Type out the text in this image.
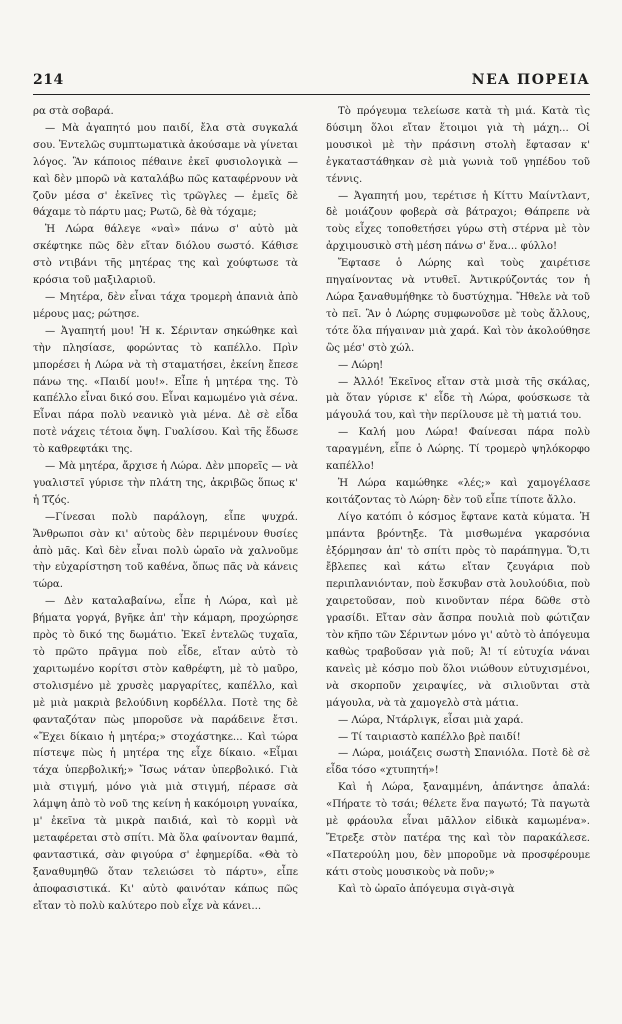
214	ΝΕΑ ΠΟΡΕΙΑ

ρα στὰ σοβαρά.

— Μὰ ἀγαπητό μου παιδί, ἔλα στὰ συγκαλά σου. Ἐντελῶς συμπτωματικὰ ἀκούσαμε νὰ γίνεται λόγος. Ἂν κάποιος πέθαινε ἐκεῖ φυσιολογικὰ —καὶ δὲν μπορῶ νὰ καταλάβω πῶς καταφέρνουν νὰ ζοῦν μέσα σ' ἐκεῖνες τὶς τρῶγλες — ἐμεῖς δὲ θάχαμε τὸ πάρτυ μας; Ρωτῶ, δὲ θὰ τόχαμε;

Ἡ Λώρα θάλεγε «ναὶ» πάνω σ' αὐτὸ μὰ σκέφτηκε πῶς δὲν εἴταν διόλου σωστό. Κάθισε στὸ ντιβάνι τῆς μητέρας της καὶ χούφτωσε τὰ κρόσια τοῦ μαξιλαριοῦ.

— Μητέρα, δὲν εἶναι τάχα τρομερὴ ἀπανιὰ ἀπὸ μέρους μας; ρώτησε.

— Ἀγαπητή μου! Ἡ κ. Σέρινταν σηκώθηκε καὶ τὴν πλησίασε, φορώντας τὸ καπέλλο. Πρὶν μπορέσει ἡ Λώρα νὰ τὴ σταματήσει, ἐκείνη ἔπεσε πάνω της. «Παιδί μου!». Εἶπε ἡ μητέρα της. Τὸ καπέλλο εἶναι δικό σου. Εἶναι καμωμένο γιὰ σένα. Εἶναι πάρα πολὺ νεανικὸ γιὰ μένα. Δὲ σὲ εἶδα ποτὲ νάχεις τέτοια ὄψη. Γυαλίσου. Καὶ τῆς ἔδωσε τὸ καθρεφτάκι της.

— Μὰ μητέρα, ἄρχισε ἡ Λώρα. Δὲν μπορεῖς — νὰ γυαλιστεῖ γύρισε τὴν πλάτη της, ἀκριβῶς ὅπως κ' ἡ Τζός.

—Γίνεσαι πολὺ παράλογη, εἶπε ψυχρά. Ἄνθρωποι σὰν κι' αὐτοὺς δὲν περιμένουν θυσίες ἀπὸ μᾶς. Καὶ δὲν εἶναι πολὺ ὡραῖο νὰ χαλνοῦμε τὴν εὐχαρίστηση τοῦ καθένα, ὅπως πᾶς νὰ κάνεις τώρα.

— Δὲν καταλαβαίνω, εἶπε ἡ Λώρα, καὶ μὲ βήματα γοργά, βγῆκε ἀπ' τὴν κάμαρη, προχώρησε πρὸς τὸ δικό της δωμάτιο. Ἐκεῖ ἐντελῶς τυχαῖα, τὸ πρῶτο πρᾶγμα ποὺ εἶδε, εἴταν αὐτὸ τὸ χαριτωμένο κορίτσι στὸν καθρέφτη, μὲ τὸ μαῦρο, στολισμένο μὲ χρυσὲς μαργαρίτες, καπέλλο, καὶ μὲ μιὰ μακριὰ βελούδινη κορδέλλα. Ποτὲ της δὲ φανταζόταν πὼς μποροῦσε νὰ παράδεινε ἔτσι. «Ἔχει δίκαιο ἡ μητέρα;» στοχάστηκε... Καὶ τώρα πίστεψε πὼς ἡ μητέρα της εἶχε δίκαιο. «Εἶμαι τάχα ὑπερβολική;» Ἴσως νάταν ὑπερβολικό. Γιὰ μιὰ στιγμή, μόνο γιὰ μιὰ στιγμή, πέρασε σὰ λάμψη ἀπὸ τὸ νοῦ της κείνη ἡ κακόμοιρη γυναίκα, μ' ἐκεῖνα τὰ μικρὰ παιδιά, καὶ τὸ κορμὶ νὰ μεταφέρεται στὸ σπίτι. Μὰ ὅλα φαίνονταν θαμπά, φανταστικά, σὰν φιγούρα σ' ἐφημερίδα. «Θὰ τὸ ξαναθυμηθῶ ὅταν τελειώσει τὸ πάρτυ», εἶπε ἀποφασιστικά. Κι' αὐτὸ φαινόταν κάπως πῶς εἴταν τὸ πολὺ καλύτερο ποὺ εἶχε νὰ κάνει...

Τὸ πρόγευμα τελείωσε κατὰ τὴ μιά. Κατὰ τὶς δύσιμη ὅλοι εἴταν ἕτοιμοι γιὰ τὴ μάχη... Οἱ μουσικοὶ μὲ τὴν πράσινη στολὴ ἔφτασαν κ' ἐγκαταστάθηκαν σὲ μιὰ γωνιὰ τοῦ γηπέδου τοῦ τέννις.

— Ἀγαπητή μου, τερέτισε ἡ Κίττυ Μαίντλαντ, δὲ μοιάζουν φοβερὰ σὰ βάτραχοι; Θάπρεπε νὰ τοὺς εἶχες τοποθετήσει γύρω στὴ στέρνα μὲ τὸν ἀρχιμουσικὸ στὴ μέση πάνω σ' ἕνα... φύλλο!

Ἔφτασε ὁ Λώρης καὶ τοὺς χαιρέτισε πηγαίνοντας νὰ ντυθεῖ. Ἀντικρύζοντάς τον ἡ Λώρα ξαναθυμήθηκε τὸ δυστύχημα. Ἤθελε νὰ τοῦ τὸ πεῖ. Ἂν ὁ Λώρης συμφωνοῦσε μὲ τοὺς ἄλλους, τότε ὅλα πήγαιναν μιὰ χαρά. Καὶ τὸν ἀκολούθησε ὣς μέσ' στὸ χώλ.

— Λώρη!

— Ἀλλό! Ἐκεῖνος εἴταν στὰ μισὰ τῆς σκάλας, μὰ ὅταν γύρισε κ' εἶδε τὴ Λώρα, φούσκωσε τὰ μάγουλά του, καὶ τὴν περίλουσε μὲ τὴ ματιά του.

— Καλή μου Λώρα! Φαίνεσαι πάρα πολὺ ταραγμένη, εἶπε ὁ Λώρης. Τί τρομερὸ ψηλόκορφο καπέλλο!

Ἡ Λώρα καμώθηκε «λές;» καὶ χαμογέλασε κοιτάζοντας τὸ Λώρη· δὲν τοῦ εἶπε τίποτε ἄλλο.

Λίγο κατόπι ὁ κόσμος ἔφτανε κατὰ κύματα. Ἡ μπάντα βρόντηξε. Τὰ μισθωμένα γκαρσόνια ἐξόρμησαν ἀπ' τὸ σπίτι πρὸς τὸ παράπηγμα. Ὅ,τι ἔβλεπες καὶ κάτω εἴταν ζευγάρια ποὺ περιπλανιόνταν, ποὺ ἔσκυβαν στὰ λουλούδια, ποὺ χαιρετοῦσαν, ποὺ κινοῦνταν πέρα δῶθε στὸ γρασίδι. Εἴταν σὰν ἄσπρα πουλιὰ ποὺ φώτιζαν τὸν κῆπο τῶν Σέριντων μόνο γι' αὐτὸ τὸ ἀπόγευμα καθὼς τραβοῦσαν γιὰ ποῦ; Ἀ! τί εὐτυχία νάναι κανεὶς μὲ κόσμο ποὺ ὅλοι νιώθουν εὐτυχισμένοι, νὰ σκορποῦν χειραψίες, νὰ σιλιοῦνται στὰ μάγουλα, νὰ τὰ χαμογελὸ στὰ μάτια.

— Λώρα, Ντάρλιγκ, εἶσαι μιὰ χαρά.

— Τί ταιριαστὸ καπέλλο βρὲ παιδί!

— Λώρα, μοιάζεις σωστὴ Σπανιόλα. Ποτὲ δὲ σὲ εἶδα τόσο «χτυπητή»!

Καὶ ἡ Λώρα, ξαναμμένη, ἀπάντησε ἁπαλά: «Πήρατε τὸ τσάι; θέλετε ἕνα παγωτό; Τὰ παγωτὰ μὲ φράουλα εἶναι μᾶλλον εἰδικὰ καμωμένα». Ἔτρεξε στὸν πατέρα της καὶ τὸν παρακάλεσε. «Πατερούλη μου, δὲν μποροῦμε νὰ προσφέρουμε κάτι στοὺς μουσικοὺς νὰ ποῦν;»

Καὶ τὸ ὡραῖο ἀπόγευμα σιγὰ-σιγὰ
